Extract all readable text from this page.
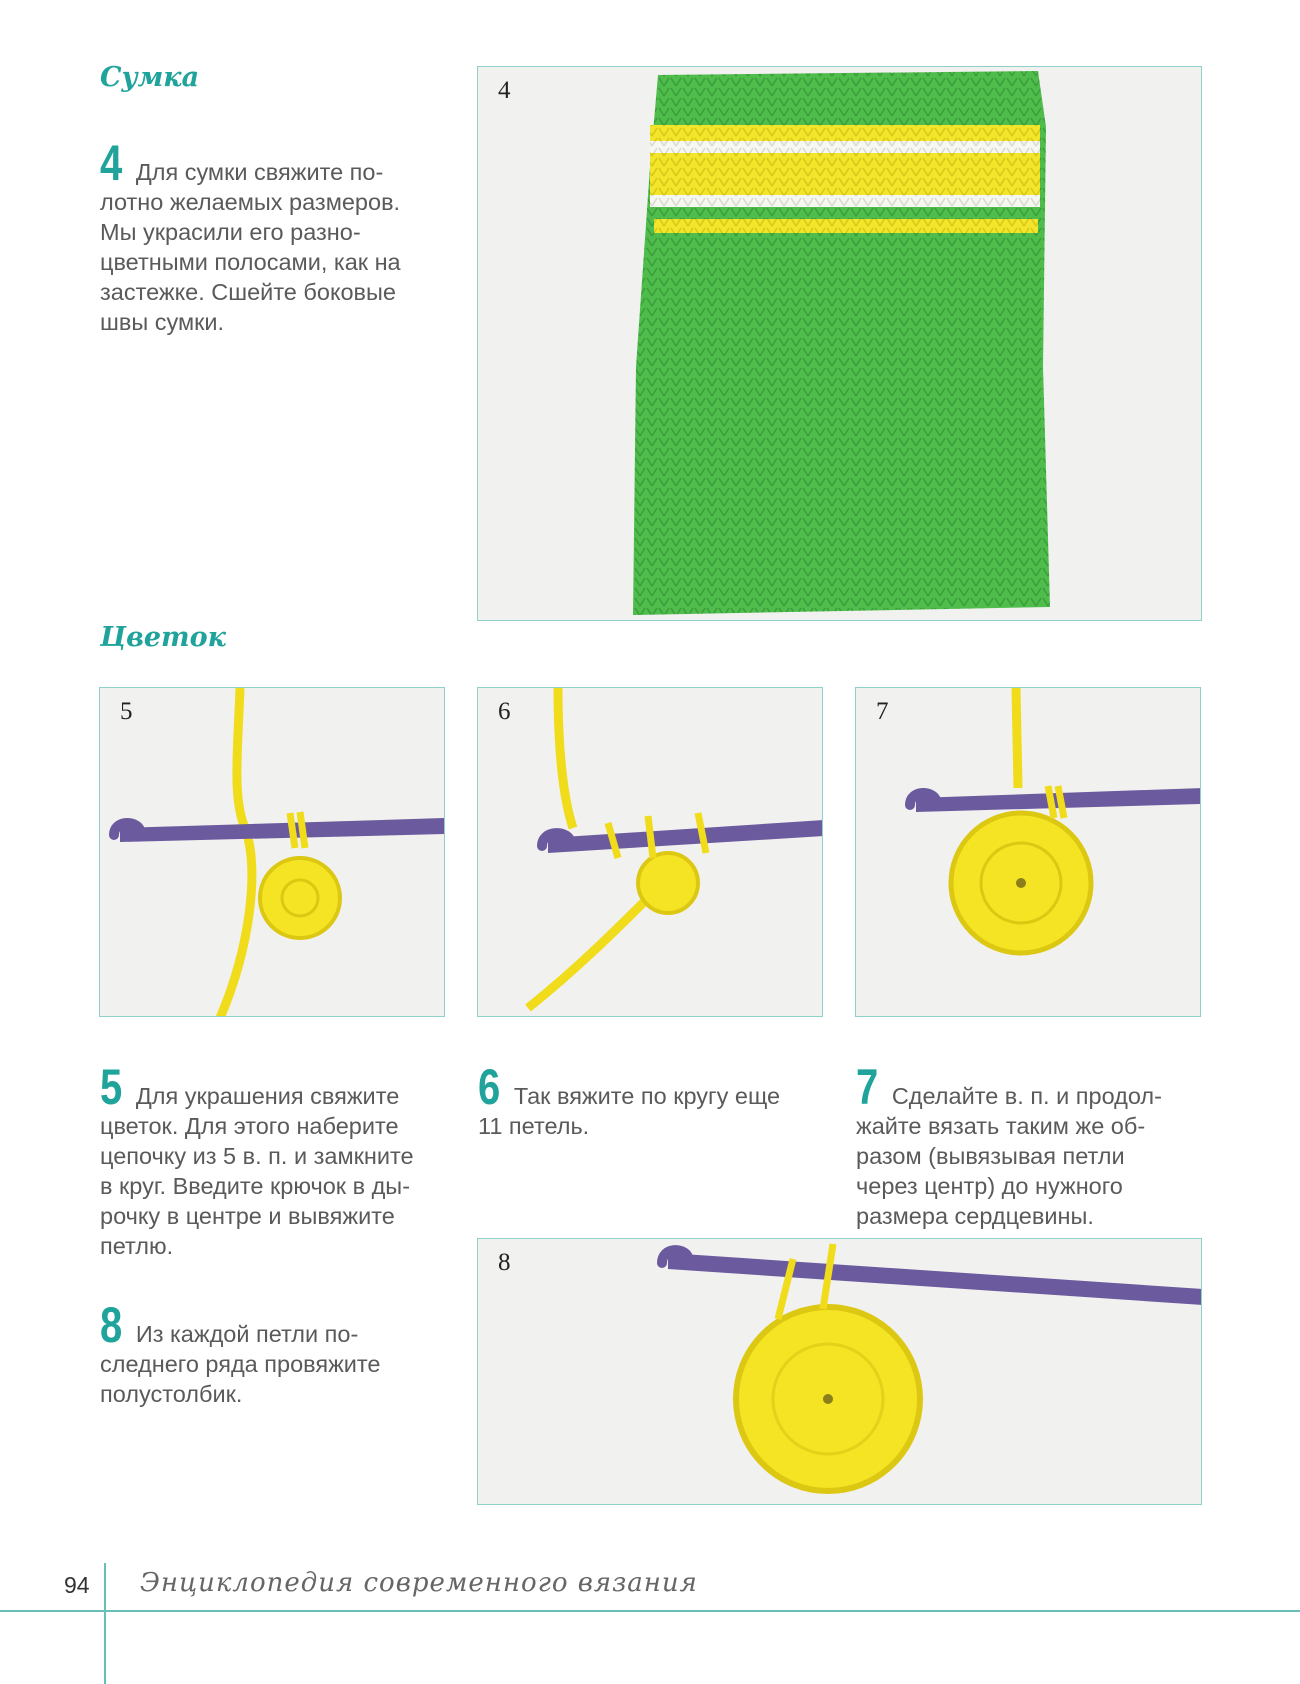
Сумка
Цветок
4 Для сумки свяжите по-
лотно желаемых размеров.
Мы украсили его разно-
цветными полосами, как на
застежке. Сшейте боковые
швы сумки.
4
5	6	7
5 Для украшения свяжите
цветок. Для этого наберите
цепочку из 5 в. п. и замкните
в круг. Введите крючок в ды-
рочку в центре и вывяжите
петлю.
6 Так вяжите по кругу еще
11 петель.
7 Сделайте в. п. и продол-
жайте вязать таким же об-
разом (вывязывая петли
через центр) до нужного
размера сердцевины.
8 Из каждой петли по-
следнего ряда провяжите
полустолбик.
8
94 Энциклопедия современного вязания
